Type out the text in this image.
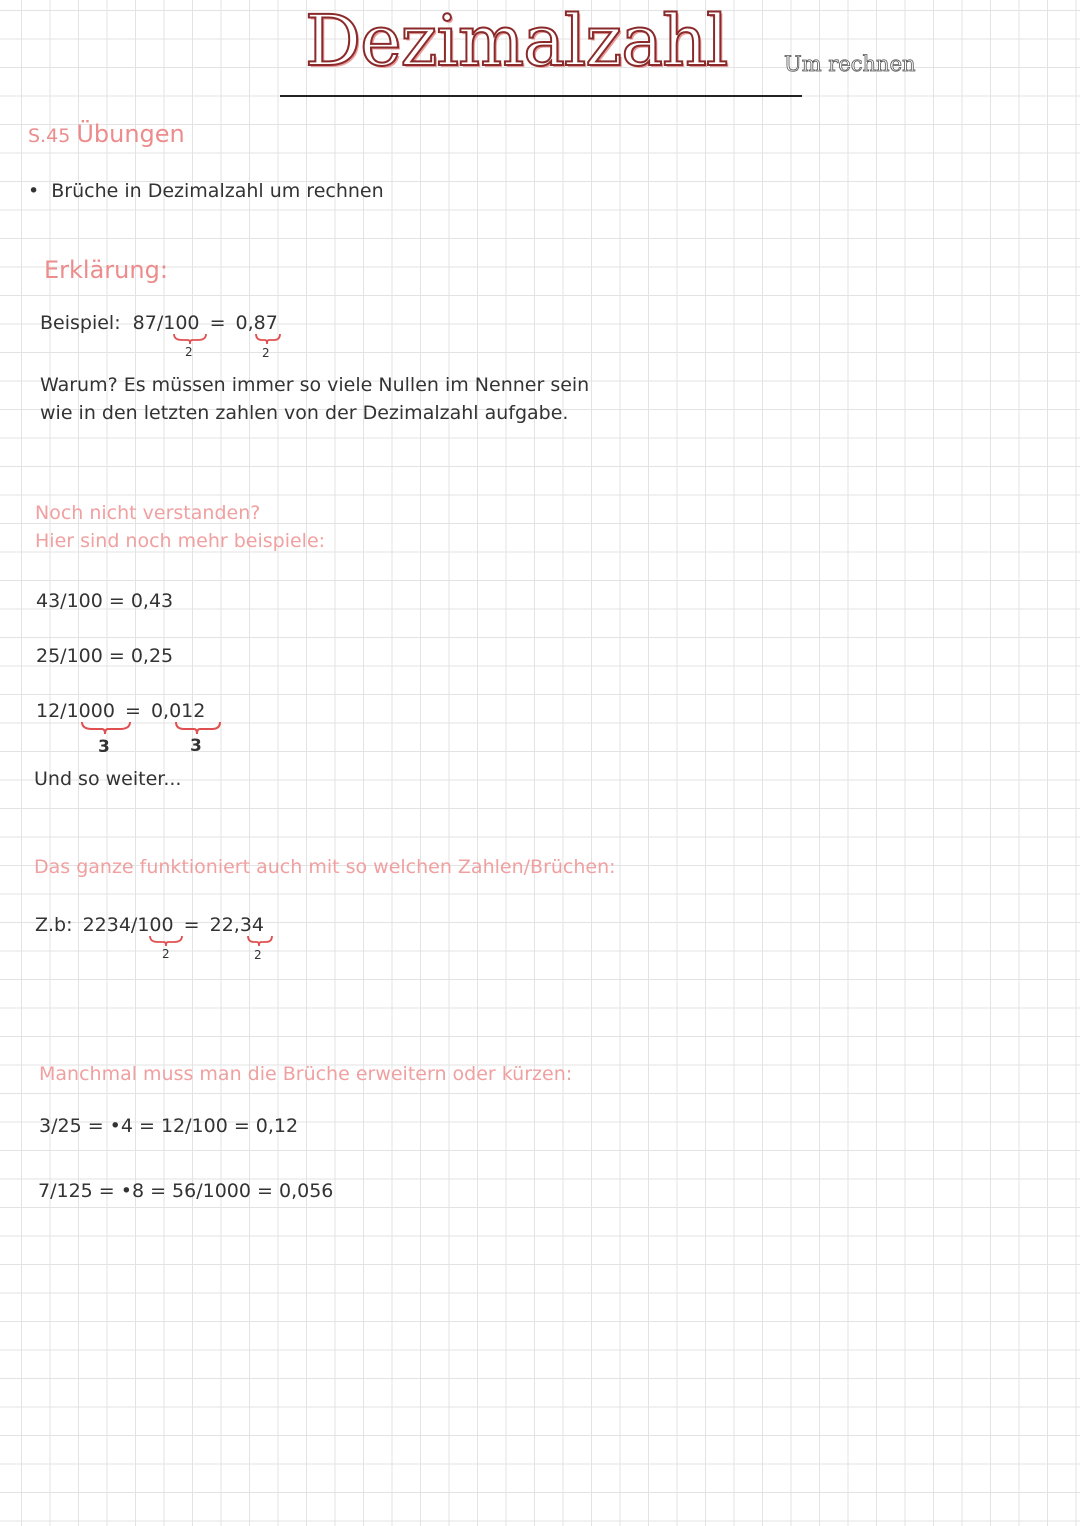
Dezimalzahl	Um rechnen
S.45 Übungen
• Brüche in Dezimalzahl um rechnen
Erklärung:
Beispiel: 87/100 = 0,87
2	2
Warum? Es müssen immer so viele Nullen im Nenner sein
wie in den letzten zahlen von der Dezimalzahl aufgabe.
Noch nicht verstanden?
Hier sind noch mehr beispiele:
43/100 = 0,43
25/100 = 0,25
12/1000 = 0,012
3	3
Und so weiter...
Das ganze funktioniert auch mit so welchen Zahlen/Brüchen:
Z.b: 2234/100 = 22,34
2	2
Manchmal muss man die Brüche erweitern oder kürzen:
3/25 = •4 = 12/100 = 0,12
7/125 = •8 = 56/1000 = 0,056
